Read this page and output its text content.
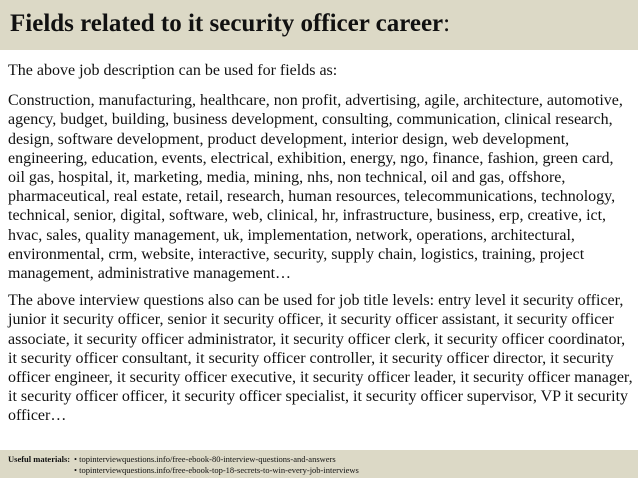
Fields related to it security officer career:

The above job description can be used for fields as:

Construction, manufacturing, healthcare, non profit, advertising, agile, architecture, automotive, agency, budget, building, business development, consulting, communication, clinical research, design, software development, product development, interior design, web development, engineering, education, events, electrical, exhibition, energy, ngo, finance, fashion, green card, oil gas, hospital, it, marketing, media, mining, nhs, non technical, oil and gas, offshore, pharmaceutical, real estate, retail, research, human resources, telecommunications, technology, technical, senior, digital, software, web, clinical, hr, infrastructure, business, erp, creative, ict, hvac, sales, quality management, uk, implementation, network, operations, architectural, environmental, crm, website, interactive, security, supply chain, logistics, training, project management, administrative management…

The above interview questions also can be used for job title levels: entry level it security officer, junior it security officer, senior it security officer, it security officer assistant, it security officer associate, it security officer administrator, it security officer clerk, it security officer coordinator, it security officer consultant, it security officer controller, it security officer director, it security officer engineer, it security officer executive, it security officer leader, it security officer manager, it security officer officer, it security officer specialist, it security officer supervisor, VP it security officer…

Useful materials: • topinterviewquestions.info/free-ebook-80-interview-questions-and-answers
• topinterviewquestions.info/free-ebook-top-18-secrets-to-win-every-job-interviews
